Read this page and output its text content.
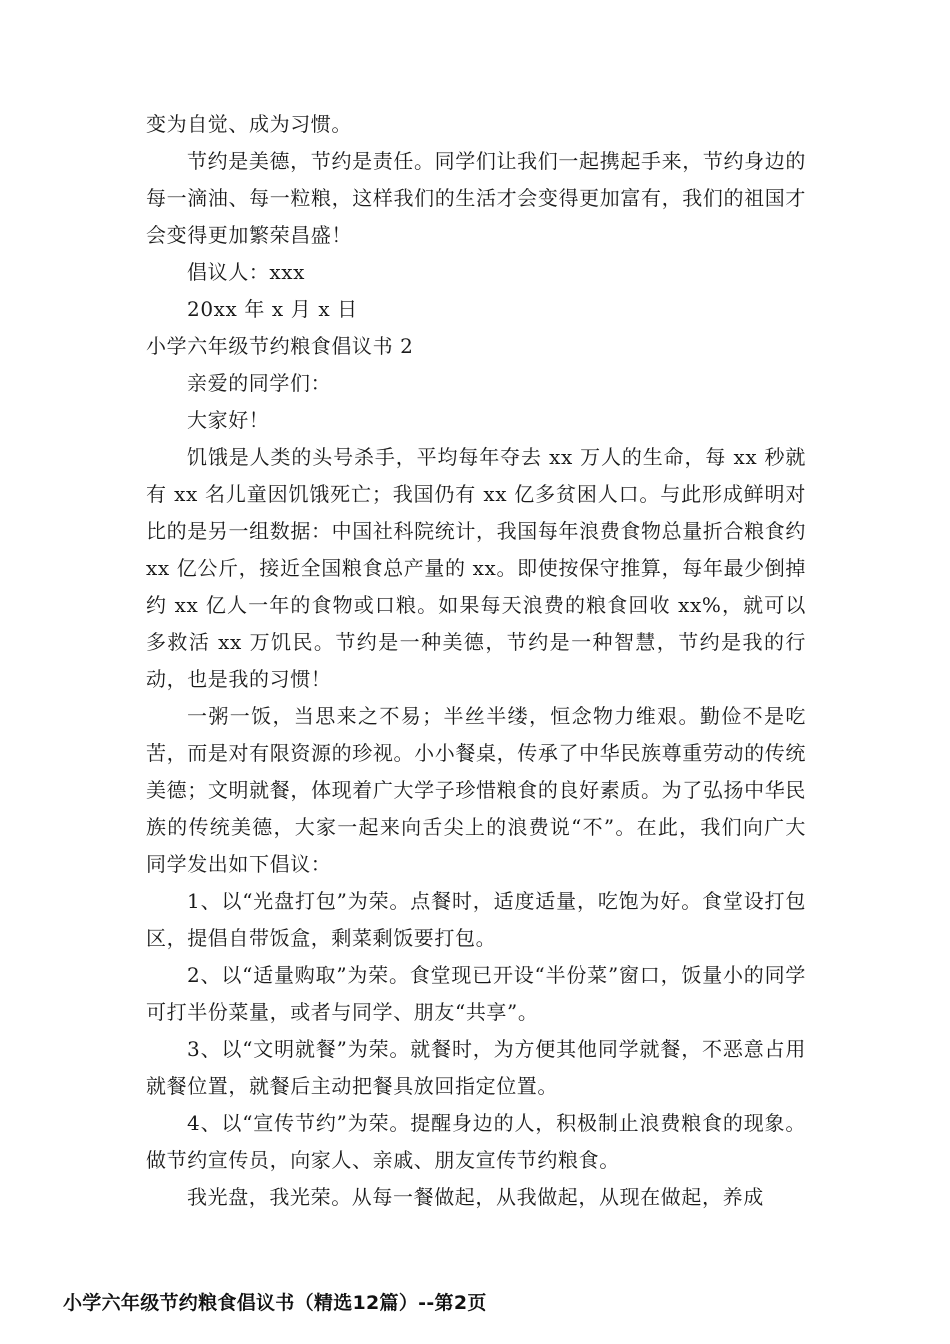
变为自觉、成为习惯。

节约是美德，节约是责任。同学们让我们一起携起手来，节约身边的每一滴油、每一粒粮，这样我们的生活才会变得更加富有，我们的祖国才会变得更加繁荣昌盛！

倡议人：xxx

20xx 年 x 月 x 日

小学六年级节约粮食倡议书 2

亲爱的同学们：

大家好！

饥饿是人类的头号杀手，平均每年夺去 xx 万人的生命，每 xx 秒就有 xx 名儿童因饥饿死亡；我国仍有 xx 亿多贫困人口。与此形成鲜明对比的是另一组数据：中国社科院统计，我国每年浪费食物总量折合粮食约 xx 亿公斤，接近全国粮食总产量的 xx。即使按保守推算，每年最少倒掉约 xx 亿人一年的食物或口粮。如果每天浪费的粮食回收 xx%，就可以多救活 xx 万饥民。节约是一种美德，节约是一种智慧，节约是我的行动，也是我的习惯！

一粥一饭，当思来之不易；半丝半缕，恒念物力维艰。勤俭不是吃苦，而是对有限资源的珍视。小小餐桌，传承了中华民族尊重劳动的传统美德；文明就餐，体现着广大学子珍惜粮食的良好素质。为了弘扬中华民族的传统美德，大家一起来向舌尖上的浪费说“不”。在此，我们向广大同学发出如下倡议：

1、以“光盘打包”为荣。点餐时，适度适量，吃饱为好。食堂设打包区，提倡自带饭盒，剩菜剩饭要打包。

2、以“适量购取”为荣。食堂现已开设“半份菜”窗口，饭量小的同学可打半份菜量，或者与同学、朋友“共享”。

3、以“文明就餐”为荣。就餐时，为方便其他同学就餐，不恶意占用就餐位置，就餐后主动把餐具放回指定位置。

4、以“宣传节约”为荣。提醒身边的人，积极制止浪费粮食的现象。做节约宣传员，向家人、亲戚、朋友宣传节约粮食。

我光盘，我光荣。从每一餐做起，从我做起，从现在做起，养成

小学六年级节约粮食倡议书（精选12篇）--第2页
